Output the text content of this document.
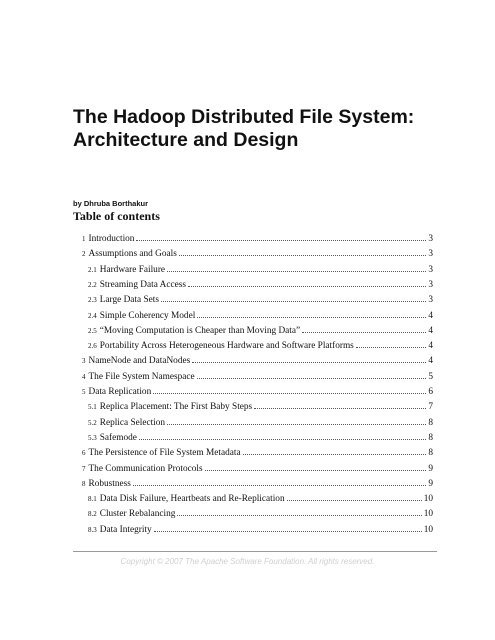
The Hadoop Distributed File System:
Architecture and Design
by Dhruba Borthakur
Table of contents
1 Introduction	3
2 Assumptions and Goals	3
2.1 Hardware Failure	3
2.2 Streaming Data Access	3
2.3 Large Data Sets	3
2.4 Simple Coherency Model	4
2.5 “Moving Computation is Cheaper than Moving Data”	4
2.6 Portability Across Heterogeneous Hardware and Software Platforms	4
3 NameNode and DataNodes	4
4 The File System Namespace	5
5 Data Replication	6
5.1 Replica Placement: The First Baby Steps	7
5.2 Replica Selection	8
5.3 Safemode	8
6 The Persistence of File System Metadata	8
7 The Communication Protocols	9
8 Robustness	9
8.1 Data Disk Failure, Heartbeats and Re-Replication	10
8.2 Cluster Rebalancing	10
8.3 Data Integrity	10
Copyright © 2007 The Apache Software Foundation. All rights reserved.
